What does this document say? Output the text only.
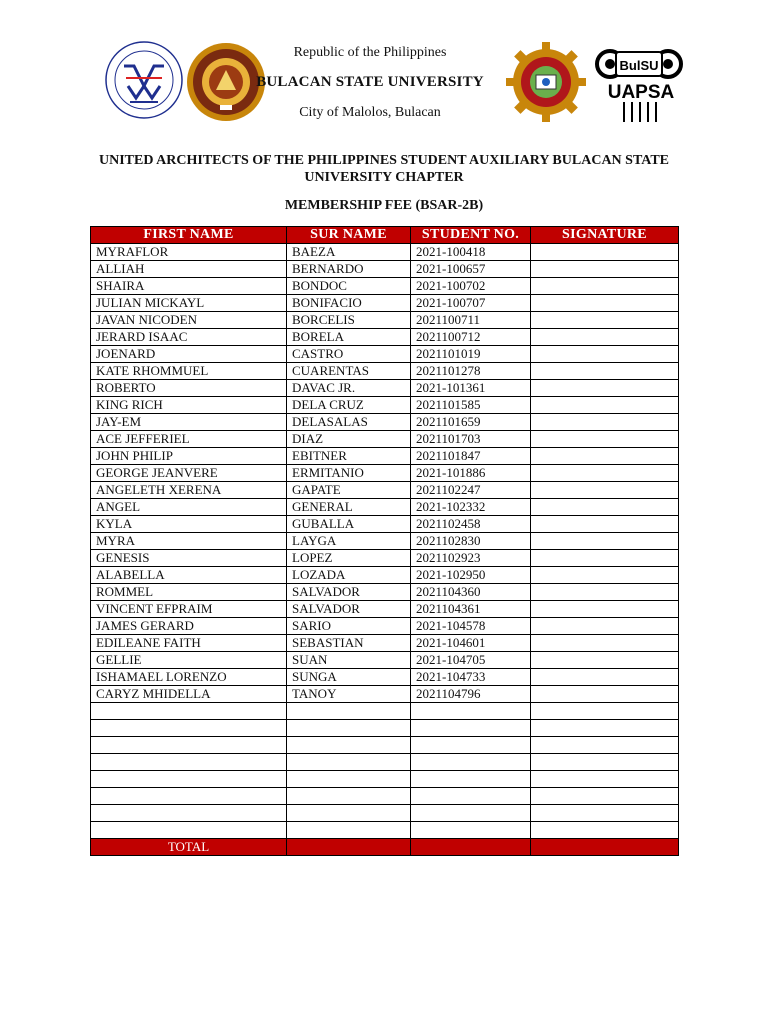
BulSU
UAPSA
Republic of the Philippines
BULACAN STATE UNIVERSITY
City of Malolos, Bulacan
UNITED ARCHITECTS OF THE PHILIPPINES STUDENT AUXILIARY BULACAN STATE
UNIVERSITY CHAPTER
MEMBERSHIP FEE (BSAR-2B)
FIRST NAME	SUR NAME	STUDENT NO.	SIGNATURE
MYRAFLOR	BAEZA	2021-100418	
ALLIAH	BERNARDO	2021-100657	
SHAIRA	BONDOC	2021-100702	
JULIAN MICKAYL	BONIFACIO	2021-100707	
JAVAN NICODEN	BORCELIS	2021100711	
JERARD ISAAC	BORELA	2021100712	
JOENARD	CASTRO	2021101019	
KATE RHOMMUEL	CUARENTAS	2021101278	
ROBERTO	DAVAC JR.	2021-101361	
KING RICH	DELA CRUZ	2021101585	
JAY-EM	DELASALAS	2021101659	
ACE JEFFERIEL	DIAZ	2021101703	
JOHN PHILIP	EBITNER	2021101847	
GEORGE JEANVERE	ERMITANIO	2021-101886	
ANGELETH XERENA	GAPATE	2021102247	
ANGEL	GENERAL	2021-102332	
KYLA	GUBALLA	2021102458	
MYRA	LAYGA	2021102830	
GENESIS	LOPEZ	2021102923	
ALABELLA	LOZADA	2021-102950	
ROMMEL	SALVADOR	2021104360	
VINCENT EFPRAIM	SALVADOR	2021104361	
JAMES GERARD	SARIO	2021-104578	
EDILEANE FAITH	SEBASTIAN	2021-104601	
GELLIE	SUAN	2021-104705	
ISHAMAEL LORENZO	SUNGA	2021-104733	
CARYZ MHIDELLA	TANOY	2021104796	

TOTAL			
